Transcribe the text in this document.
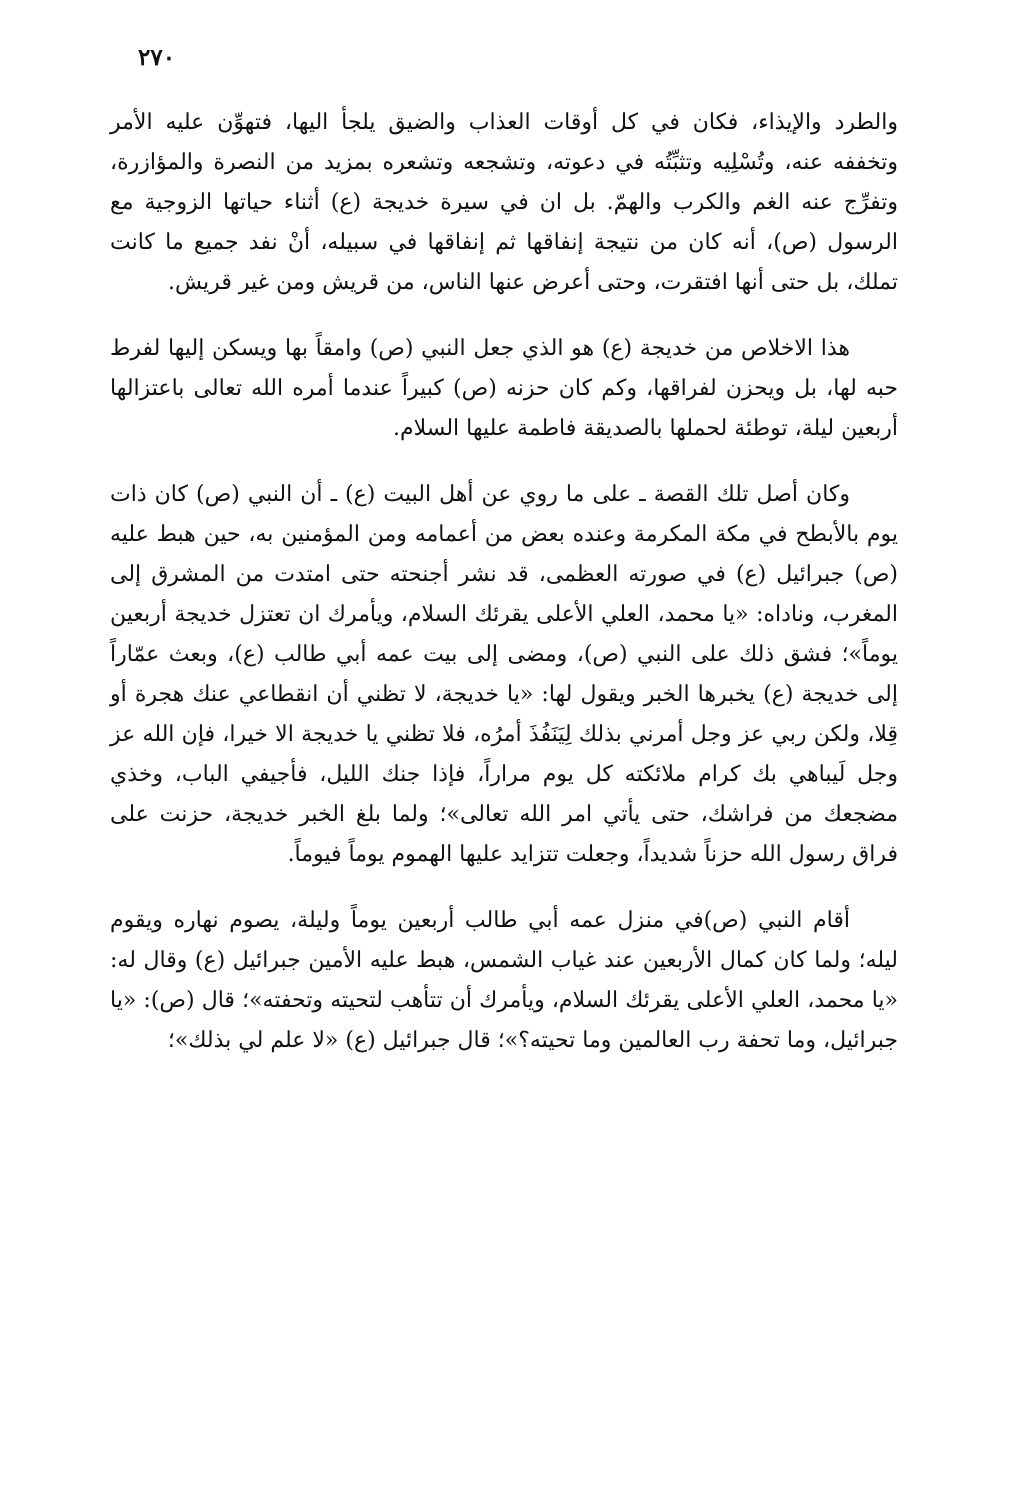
٢٧٠

والطرد والإيذاء، فكان في كل أوقات العذاب والضيق يلجأ اليها، فتهوِّن عليه الأمر وتخففه عنه، وتُسْلِيه وتثبِّتُه في دعوته، وتشجعه وتشعره بمزيد من النصرة والمؤازرة، وتفرِّج عنه الغم والكرب والهمّ. بل ان في سيرة خديجة (ع) أثناء حياتها الزوجية مع الرسول (ص)، أنه كان من نتيجة إنفاقها ثم إنفاقها في سبيله، أنْ نفد جميع ما كانت تملك، بل حتى أنها افتقرت، وحتى أعرض عنها الناس، من قريش ومن غير قريش.

هذا الاخلاص من خديجة (ع) هو الذي جعل النبي (ص) وامقاً بها ويسكن إليها لفرط حبه لها، بل ويحزن لفراقها، وكم كان حزنه (ص) كبيراً عندما أمره الله تعالى باعتزالها أربعين ليلة، توطئة لحملها بالصديقة فاطمة عليها السلام.

وكان أصل تلك القصة ـ على ما روي عن أهل البيت (ع) ـ أن النبي (ص) كان ذات يوم بالأبطح في مكة المكرمة وعنده بعض من أعمامه ومن المؤمنين به، حين هبط عليه (ص) جبرائيل (ع) في صورته العظمى، قد نشر أجنحته حتى امتدت من المشرق إلى المغرب، وناداه: «يا محمد، العلي الأعلى يقرئك السلام، ويأمرك ان تعتزل خديجة أربعين يوماً»؛ فشق ذلك على النبي (ص)، ومضى إلى بيت عمه أبي طالب (ع)، وبعث عمّاراً إلى خديجة (ع) يخبرها الخبر ويقول لها: «يا خديجة، لا تظني أن انقطاعي عنك هجرة أو قِلا، ولكن ربي عز وجل أمرني بذلك لِيَنَفُذَ أمرُه، فلا تظني يا خديجة الا خيرا، فإن الله عز وجل لَيباهي بك كرام ملائكته كل يوم مراراً، فإذا جنك الليل، فأجيفي الباب، وخذي مضجعك من فراشك، حتى يأتي امر الله تعالى»؛ ولما بلغ الخبر خديجة، حزنت على فراق رسول الله حزناً شديداً، وجعلت تتزايد عليها الهموم يوماً فيوماً.

أقام النبي (ص)في منزل عمه أبي طالب أربعين يوماً وليلة، يصوم نهاره ويقوم ليله؛ ولما كان كمال الأربعين عند غياب الشمس، هبط عليه الأمين جبرائيل (ع) وقال له: «يا محمد، العلي الأعلى يقرئك السلام، ويأمرك أن تتأهب لتحيته وتحفته»؛ قال (ص): «يا جبرائيل، وما تحفة رب العالمين وما تحيته؟»؛ قال جبرائيل (ع) «لا علم لي بذلك»؛
